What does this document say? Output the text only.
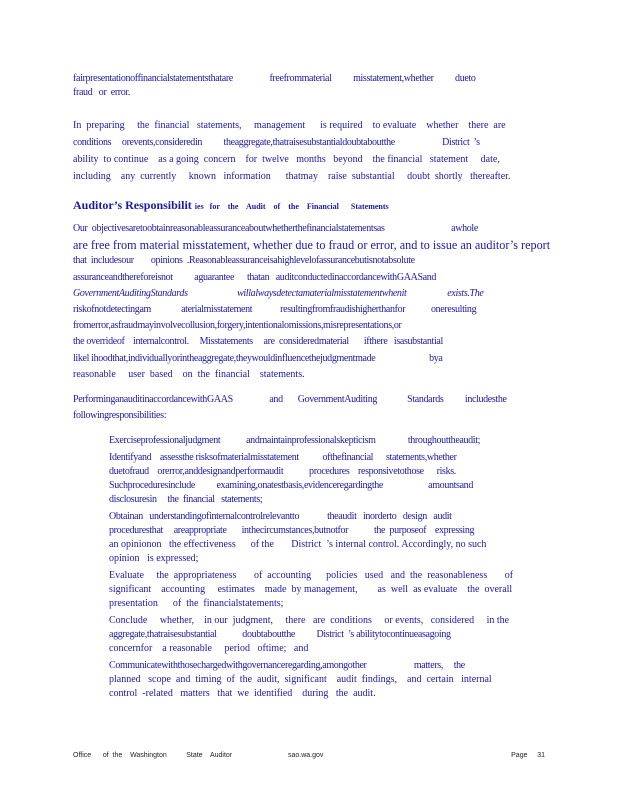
fairpresentationoffinancialstatementsthatare                 freefrommaterial          misstatement,whether          dueto
fraud   or  error.
In  preparing     the  financial   statements,     management      is required    to evaluate    whether    there  are
conditions     orevents,consideredin          theaggregate,thatraisesubstantialdoubtaboutthe                      District  ’s
ability  to continue    as a going  concern    for  twelve   months   beyond    the financial   statement     date,
including    any  currently     known   information      thatmay    raise  substantial     doubt  shortly   thereafter.
Auditor’s Responsibilit ies   for    the    Audit    of    the    Financial      Statements
Our  objectivesaretoobtainreasonableassuranceaboutwhetherthefinancialstatementsas                               awhole
are free from material misstatement, whether due to fraud or error, and to issue an auditor’s report
that  includesour        opinions  .Reasonableassuranceisahighlevelofassurancebutisnotabsolute
assuranceandthereforeisnot          aguarantee      thatan   auditconductedinaccordancewithGAASand
GovernmentAuditingStandards                       willalwaysdetectamaterialmisstatementwhenit                   exists.The
riskofnotdetectingam              aterialmisstatement             resultingfromfraudishigherthanfor            oneresulting
fromerror,asfraudmayinvolvecollusion,forgery,intentionalomissions,misrepresentations,or
the overrideof    internalcontrol.     Misstatements     are  consideredmaterial       ifthere   isasubstantial
likel ihoodthat,individuallyorintheaggregate,theywouldinfluencethejudgmentmade                         bya
reasonable     user  based    on  the  financial    statements.
PerforminganauditinaccordancewithGAAS                 and       GovernmentAuditing              Standards          includesthe
followingresponsibilities:
Exerciseprofessionaljudgment            andmaintainprofessionalskepticism               throughouttheaudit;
Identifyand    assessthe risksofmaterialmisstatement           ofthefinancial      statements,whether
duetofraud    orerror,anddesignandperformaudit            procedures    responsivetothose      risks.
Suchproceduresinclude          examining,onatestbasis,evidenceregardingthe                     amountsand
disclosuresin     the  financial   statements;
Obtainan   understandingofinternalcontrolrelevantto             theaudit   inorderto   design   audit
proceduresthat     areappropriate       inthecircumstances,butnotfor            the  purposeof    expressing
an opinionon   the effectiveness      of the       District  ’s internal control. Accordingly, no such
opinion   is expressed;
Evaluate     the  appropriateness       of  accounting      policies   used   and  the  reasonableness       of
significant    accounting     estimates    made  by management,        as  well  as evaluate    the  overall
presentation      of  the  financialstatements;
Conclude     whether,    in our  judgment,     there   are  conditions     or events,   considered     in the
aggregate,thatraisesubstantial            doubtaboutthe          District  ’s abilitytocontinueasagoing
concernfor    a reasonable     period   oftime;   and
Communicatewiththosechargedwithgovernanceregarding,amongother                      matters,     the
planned   scope  and  timing  of  the  audit,  significant    audit  findings,    and  certain   internal
control  -related   matters   that  we  identified    during   the  audit.
Office      of  the    Washington          State    Auditor	sao.wa.gov	Page     31
